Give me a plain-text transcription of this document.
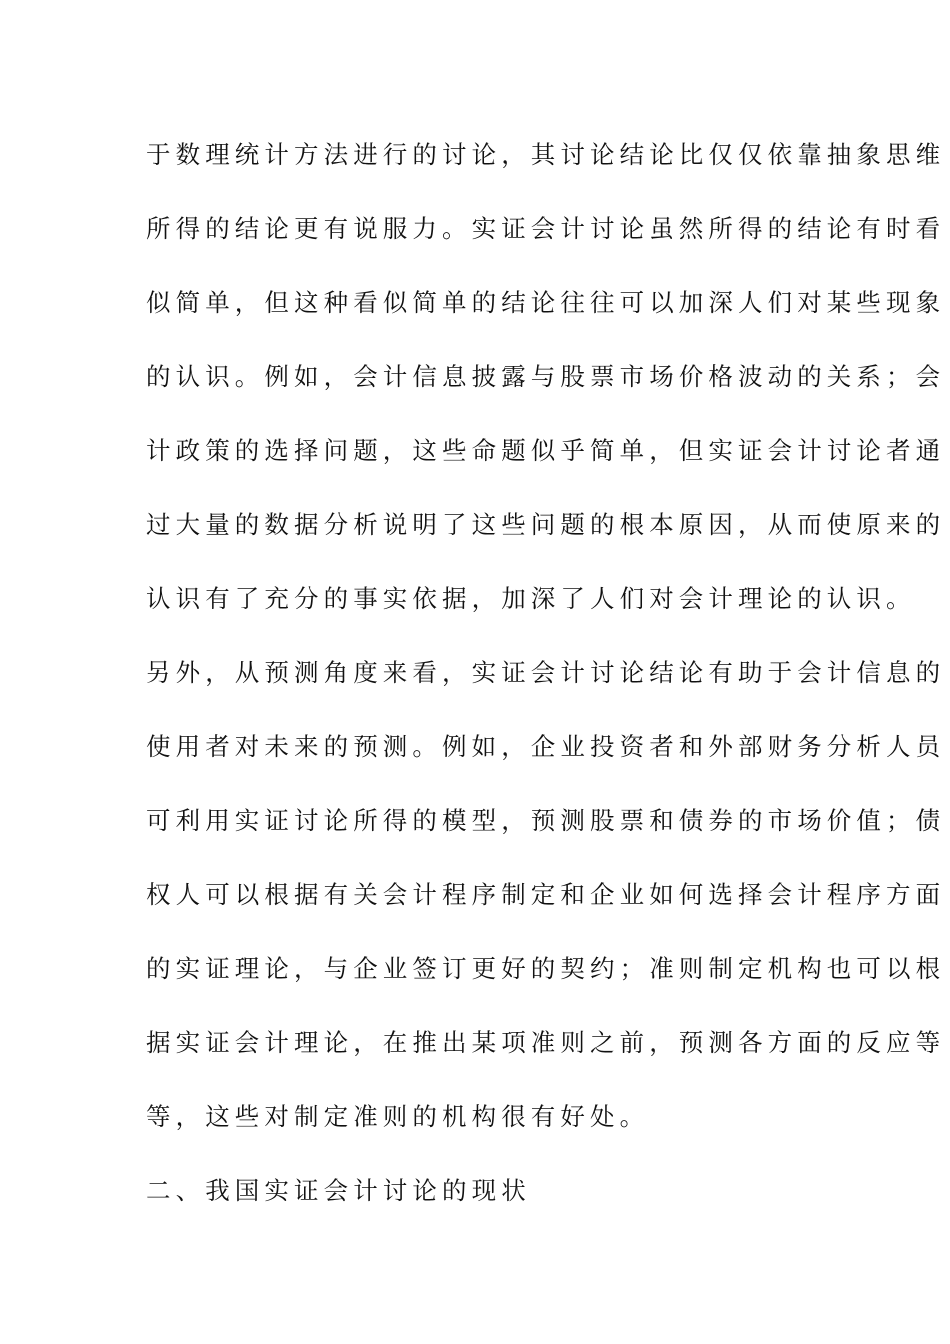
于数理统计方法进行的讨论，其讨论结论比仅仅依靠抽象思维
所得的结论更有说服力。实证会计讨论虽然所得的结论有时看
似简单，但这种看似简单的结论往往可以加深人们对某些现象
的认识。例如，会计信息披露与股票市场价格波动的关系；会
计政策的选择问题，这些命题似乎简单，但实证会计讨论者通
过大量的数据分析说明了这些问题的根本原因，从而使原来的
认识有了充分的事实依据，加深了人们对会计理论的认识。
另外，从预测角度来看，实证会计讨论结论有助于会计信息的
使用者对未来的预测。例如，企业投资者和外部财务分析人员
可利用实证讨论所得的模型，预测股票和债券的市场价值；债
权人可以根据有关会计程序制定和企业如何选择会计程序方面
的实证理论，与企业签订更好的契约；准则制定机构也可以根
据实证会计理论，在推出某项准则之前，预测各方面的反应等
等，这些对制定准则的机构很有好处。
二、我国实证会计讨论的现状
